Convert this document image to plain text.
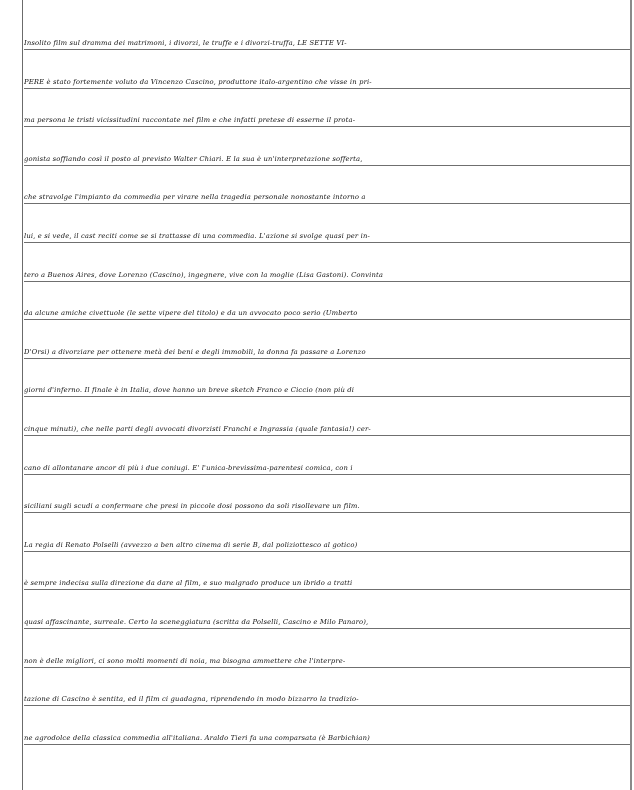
Insolito film sul dramma dei matrimoni, i divorzi, le truffe e i divorzi-truffa, LE SETTE VI-
PERE è stato fortemente voluto da Vincenzo Cascino, produttore italo-argentino che visse in pri-
ma persona le tristi vicissitudini raccontate nel film e che infatti pretese di esserne il prota-
gonista soffiando così il posto al previsto Walter Chiari. E la sua è un'interpretazione sofferta,
che stravolge l'impianto da commedia per virare nella tragedia personale nonostante intorno a
lui, e si vede, il cast reciti come se si trattasse di una commedia. L'azione si svolge quasi per in-
tero a Buenos Aires, dove Lorenzo (Cascino), ingegnere, vive con la moglie (Lisa Gastoni). Convinta
da alcune amiche civettuole (le sette vipere del titolo) e da un avvocato poco serio (Umberto
D'Orsi) a divorziare per ottenere metà dei beni e degli immobili, la donna fa passare a Lorenzo
giorni d'inferno. Il finale è in Italia, dove hanno un breve sketch Franco e Ciccio (non più di
cinque minuti), che nelle parti degli avvocati divorzisti Franchi e Ingrassia (quale fantasia!) cer-
cano di allontanare ancor di più i due coniugi. E' l'unica-brevissima-parentesi comica, con i
siciliani sugli scudi a confermare che presi in piccole dosi possono da soli risollevare un film.
La regia di Renato Polselli (avvezzo a ben altro cinema di serie B, dal poliziottesco al gotico)
è sempre indecisa sulla direzione da dare al film, e suo malgrado produce un ibrido a tratti
quasi affascinante, surreale. Certo la sceneggiatura (scritta da Polselli, Cascino e Milo Panaro),
non è delle migliori, ci sono molti momenti di noia, ma bisogna ammettere che l'interpre-
tazione di Cascino è sentita, ed il film ci guadagna, riprendendo in modo bizzarro la tradizio-
ne agrodolce della classica commedia all'italiana. Araldo Tieri fa una comparsata (è Barbichian)
